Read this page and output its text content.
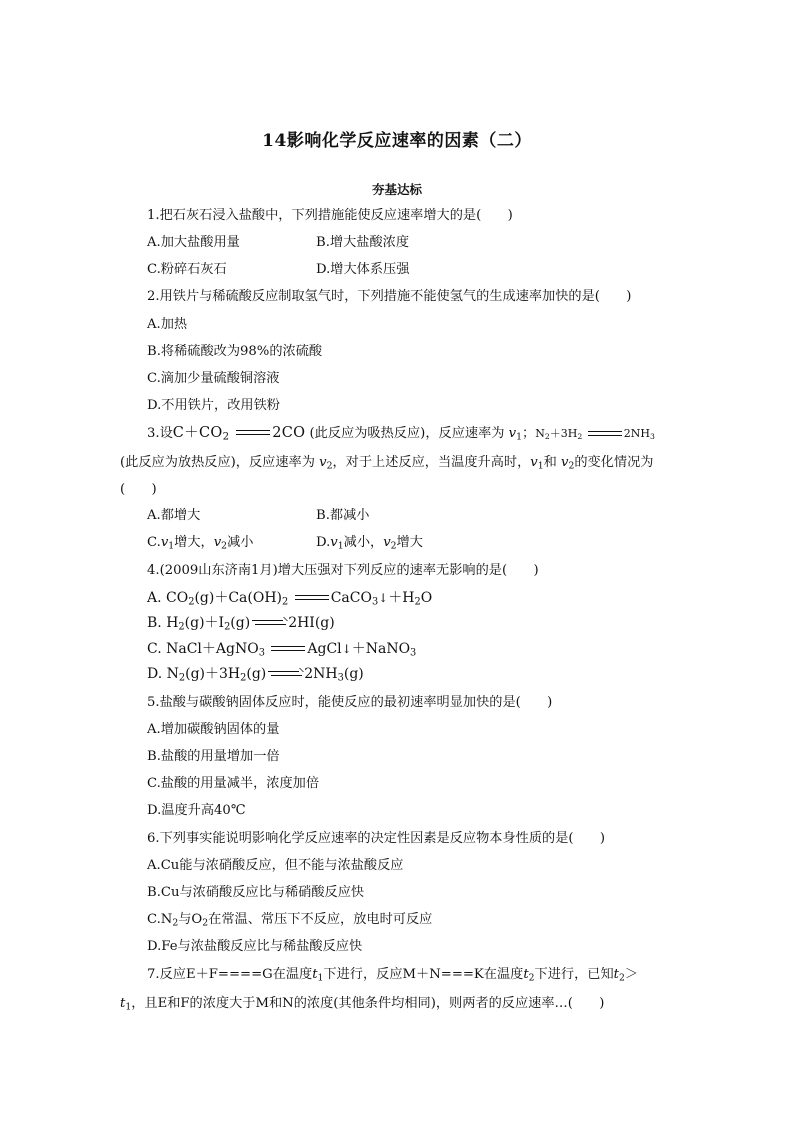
14影响化学反应速率的因素（二）
夯基达标
1.把石灰石浸入盐酸中，下列措施能使反应速率增大的是(　　)
A.加大盐酸用量	B.增大盐酸浓度
C.粉碎石灰石	D.增大体系压强
2.用铁片与稀硫酸反应制取氢气时，下列措施不能使氢气的生成速率加快的是(　　)
A.加热
B.将稀硫酸改为98%的浓硫酸
C.滴加少量硫酸铜溶液
D.不用铁片，改用铁粉
3.设$C+CO_2$	2CO (此反应为吸热反应)，反应速率为 $v_1$；$N_2+3H_2$	$2NH_3$
(此反应为放热反应)，反应速率为 $v_2$，对于上述反应，当温度升高时，$v_1$和 $v_2$的变化情况为
(　　)
A.都增大	B.都减小
$C.v_1$增大，$v_2$减小	$D.v_1$减小，$v_2$增大
4.(2009山东济南1月)增大压强对下列反应的速率无影响的是(　　)
A. $CO_2(g)+Ca(OH)_2$	$CaCO_3↓+H_2O$
B. $H_2(g)+I_2(g)$	2HI(g)
C. NaCl＋AgNO$_3$	AgCl↓＋NaNO$_3$
D. $N_2(g)+3H_2(g)$	$2NH_3(g)$
5.盐酸与碳酸钠固体反应时，能使反应的最初速率明显加快的是(　　)
A.增加碳酸钠固体的量
B.盐酸的用量增加一倍
C.盐酸的用量减半，浓度加倍
D.温度升高40℃
6.下列事实能说明影响化学反应速率的决定性因素是反应物本身性质的是(　　)
A.Cu能与浓硝酸反应，但不能与浓盐酸反应
B.Cu与浓硝酸反应比与稀硝酸反应快
$C.N_2$与$O_2$在常温、常压下不反应，放电时可反应
D.Fe与浓盐酸反应比与稀盐酸反应快
7.反应E＋F====G在温度$t_1$下进行，反应M＋N===K在温度$t_2$下进行，已知$t_2>$
$t_1$，且E和F的浓度大于M和N的浓度(其他条件均相同)，则两者的反应速率…(　　)
